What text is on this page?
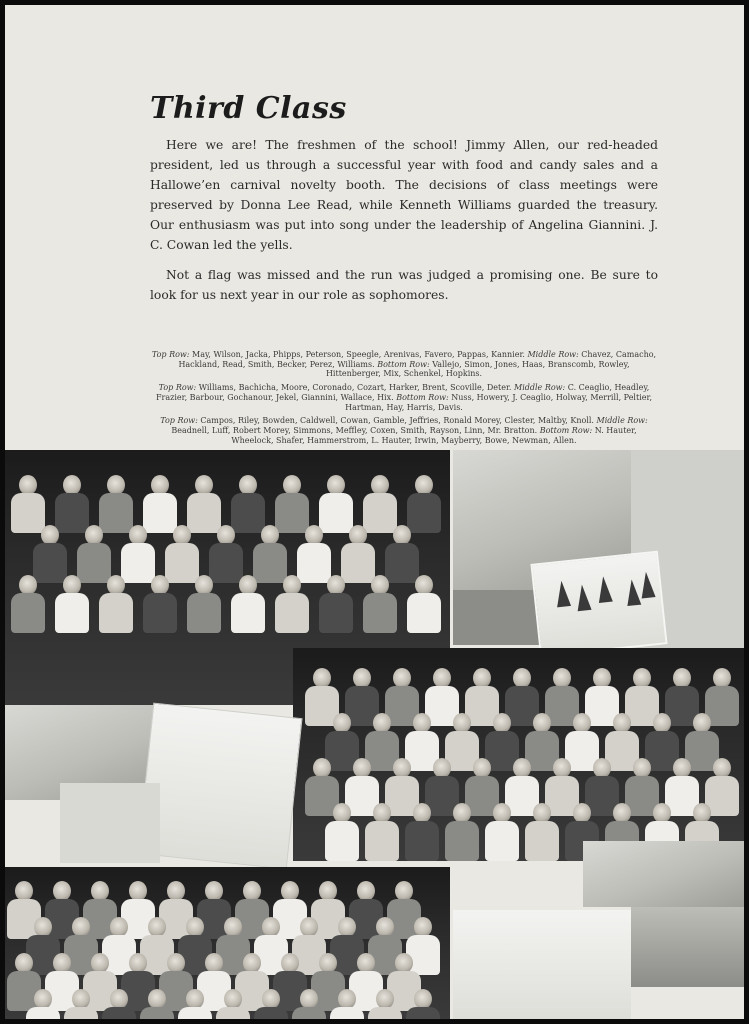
Third Class

Here we are! The freshmen of the school! Jimmy Allen, our red-headed president, led us through a successful year with food and candy sales and a Hallowe’en carnival novelty booth. The decisions of class meetings were preserved by Donna Lee Read, while Kenneth Williams guarded the treasury. Our enthusiasm was put into song under the leadership of Angelina Giannini. J. C. Cowan led the yells.

Not a flag was missed and the run was judged a promising one. Be sure to look for us next year in our role as sophomores.

Top Row: May, Wilson, Jacka, Phipps, Peterson, Speegle, Arenivas, Favero, Pappas, Kannier. Middle Row: Chavez, Camacho, Hackland, Read, Smith, Becker, Perez, Williams. Bottom Row: Vallejo, Simon, Jones, Haas, Branscomb, Rowley, Hittenberger, Mix, Schenkel, Hopkins.

Top Row: Williams, Bachicha, Moore, Coronado, Cozart, Harker, Brent, Scoville, Deter. Middle Row: C. Ceaglio, Headley, Frazier, Barbour, Gochanour, Jekel, Giannini, Wallace, Hix. Bottom Row: Nuss, Howery, J. Ceaglio, Holway, Merrill, Peltier, Hartman, Hay, Harris, Davis.

Top Row: Campos, Riley, Bowden, Caldwell, Cowan, Gamble, Jeffries, Ronald Morey, Clester, Maltby, Knoll. Middle Row: Beadnell, Luff, Robert Morey, Simmons, Meffley, Coxen, Smith, Rayson, Linn, Mr. Bratton. Bottom Row: N. Hauter, Wheelock, Shafer, Hammerstrom, L. Hauter, Irwin, Mayberry, Bowe, Newman, Allen.
